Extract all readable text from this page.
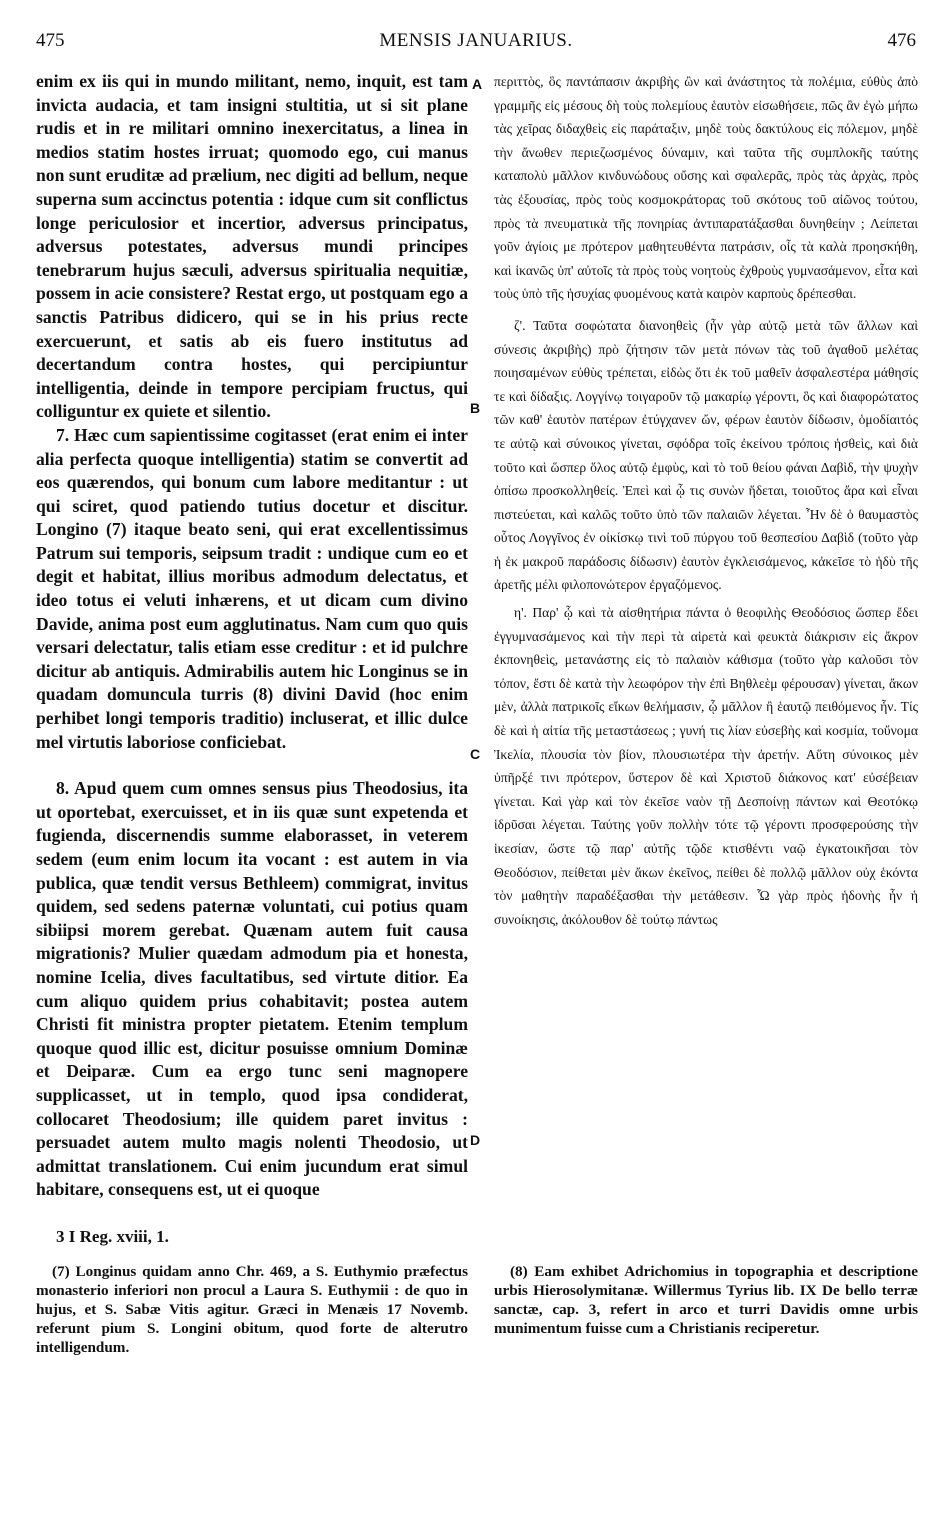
475	MENSIS JANUARIUS.	476

enim ex iis qui in mundo militant, nemo, inquit, est tam invicta audacia, et tam insigni stultitia, ut si sit plane rudis et in re militari omnino inexercitatus, a linea in medios statim hostes irruat; quomodo ego, cui manus non sunt eruditæ ad prælium, nec digiti ad bellum, neque superna sum accinctus potentia : idque cum sit conflictus longe periculosior et incertior, adversus principatus, adversus potestates, adversus mundi principes tenebrarum hujus sæculi, adversus spiritualia nequitiæ, possem in acie consistere? Restat ergo, ut postquam ego a sanctis Patribus didicero, qui se in his prius recte exercuerunt, et satis ab eis fuero institutus ad decertandum contra hostes, qui percipiuntur intelligentia, deinde in tempore percipiam fructus, qui colliguntur ex quiete et silentio.

7. Hæc cum sapientissime cogitasset (erat enim ei inter alia perfecta quoque intelligentia) statim se convertit ad eos quærendos, qui bonum cum labore meditantur : ut qui sciret, quod patiendo tutius docetur et discitur. Longino (7) itaque beato seni, qui erat excellentissimus Patrum sui temporis, seipsum tradit : undique cum eo et degit et habitat, illius moribus admodum delectatus, et ideo totus ei veluti inhærens, et ut dicam cum divino Davide, anima post eum agglutinatus. Nam cum quo quis versari delectatur, talis etiam esse creditur : et id pulchre dicitur ab antiquis. Admirabilis autem hic Longinus se in quadam domuncula turris (8) divini David (hoc enim perhibet longi temporis traditio) incluserat, et illic dulce mel virtutis laboriose conficiebat.

8. Apud quem cum omnes sensus pius Theodosius, ita ut oportebat, exercuisset, et in iis quæ sunt expetenda et fugienda, discernendis summe elaborasset, in veterem sedem (eum enim locum ita vocant : est autem in via publica, quæ tendit versus Bethleem) commigrat, invitus quidem, sed sedens paternæ voluntati, cui potius quam sibiipsi morem gerebat. Quænam autem fuit causa migrationis? Mulier quædam admodum pia et honesta, nomine Icelia, dives facultatibus, sed virtute ditior. Ea cum aliquo quidem prius cohabitavit; postea autem Christi fit ministra propter pietatem. Etenim templum quoque quod illic est, dicitur posuisse omnium Dominæ et Deiparæ. Cum ea ergo tunc seni magnopere supplicasset, ut in templo, quod ipsa condiderat, collocaret Theodosium; ille quidem paret invitus : persuadet autem multo magis nolenti Theodosio, ut admittat translationem. Cui enim jucundum erat simul habitare, consequens est, ut ei quoque

περιττὸς, ὃς παντάπασιν ἀκριβὴς ὢν καὶ ἀνάστητος τὰ πολέμια, εὐθὺς ἀπὸ γραμμῆς εἰς μέσους δὴ τοὺς πολεμίους ἑαυτὸν εἰσωθήσειε, πῶς ἂν ἐγὼ μήπω τὰς χεῖρας διδαχθεὶς εἰς παράταξιν, μηδὲ τοὺς δακτύλους εἰς πόλεμον, μηδὲ τὴν ἄνωθεν περιεζωσμένος δύναμιν, καὶ ταῦτα τῆς συμπλοκῆς ταύτης καταπολὺ μᾶλλον κινδυνώδους οὔσης καὶ σφαλερᾶς, πρὸς τὰς ἀρχὰς, πρὸς τὰς ἐξουσίας, πρὸς τοὺς κοσμοκράτορας τοῦ σκότους τοῦ αἰῶνος τούτου, πρὸς τὰ πνευματικὰ τῆς πονηρίας ἀντιπαρατάξασθαι δυνηθείην ; Λείπεται γοῦν ἁγίοις με πρότερον μαθητευθέντα πατράσιν, οἷς τὰ καλὰ προησκήθη, καὶ ἱκανῶς ὑπ' αὐτοῖς τὰ πρὸς τοὺς νοητοὺς ἐχθροὺς γυμνασάμενον, εἶτα καὶ τοὺς ὑπὸ τῆς ἡσυχίας φυομένους κατὰ καιρὸν καρποὺς δρέπεσθαι.

ζ'. Ταῦτα σοφώτατα διανοηθεὶς (ἦν γὰρ αὐτῷ μετὰ τῶν ἄλλων καὶ σύνεσις ἀκριβὴς) πρὸ ζήτησιν τῶν μετὰ πόνων τὰς τοῦ ἀγαθοῦ μελέτας ποιησαμένων εὐθὺς τρέπεται, εἰδὼς ὅτι ἐκ τοῦ μαθεῖν ἀσφαλεστέρα μάθησίς τε καὶ δίδαξις. Λογγίνῳ τοιγαροῦν τῷ μακαρίῳ γέροντι, ὃς καὶ διαφορώτατος τῶν καθ' ἑαυτὸν πατέρων ἐτύγχανεν ὤν, φέρων ἑαυτὸν δίδωσιν, ὁμοδίαιτός τε αὐτῷ καὶ σύνοικος γίνεται, σφόδρα τοῖς ἐκείνου τρόποις ἡσθεὶς, καὶ διὰ τοῦτο καὶ ὥσπερ ὅλος αὐτῷ ἐμφὺς, καὶ τὸ τοῦ θείου φάναι Δαβὶδ, τὴν ψυχὴν ὀπίσω προσκολληθείς. Ἐπεὶ καὶ ᾧ τις συνὼν ἥδεται, τοιοῦτος ἄρα καὶ εἶναι πιστεύεται, καὶ καλῶς τοῦτο ὑπὸ τῶν παλαιῶν λέγεται. Ἦν δὲ ὁ θαυμαστὸς οὗτος Λογγῖνος ἐν οἰκίσκῳ τινὶ τοῦ πύργου τοῦ θεσπεσίου Δαβὶδ (τοῦτο γὰρ ἡ ἐκ μακροῦ παράδοσις δίδωσιν) ἑαυτὸν ἐγκλεισάμενος, κἀκεῖσε τὸ ἡδὺ τῆς ἀρετῆς μέλι φιλοπονώτερον ἐργαζόμενος.

η'. Παρ' ᾧ καὶ τὰ αἰσθητήρια πάντα ὁ θεοφιλὴς Θεοδόσιος ὥσπερ ἔδει ἐγγυμνασάμενος καὶ τὴν περὶ τὰ αἱρετὰ καὶ φευκτὰ διάκρισιν εἰς ἄκρον ἐκπονηθεὶς, μετανάστης εἰς τὸ παλαιὸν κάθισμα (τοῦτο γὰρ καλοῦσι τὸν τόπον, ἔστι δὲ κατὰ τὴν λεωφόρον τὴν ἐπὶ Βηθλεὲμ φέρουσαν) γίνεται, ἄκων μὲν, ἀλλὰ πατρικοῖς εἴκων θελήμασιν, ᾧ μᾶλλον ἢ ἑαυτῷ πειθόμενος ἦν. Τίς δὲ καὶ ἡ αἰτία τῆς μεταστάσεως ; γυνή τις λίαν εὐσεβὴς καὶ κοσμία, τοὔνομα Ἰκελία, πλουσία τὸν βίον, πλουσιωτέρα τὴν ἀρετήν. Αὕτη σύνοικος μὲν ὑπῆρξέ τινι πρότερον, ὕστερον δὲ καὶ Χριστοῦ διάκονος κατ' εὐσέβειαν γίνεται. Καὶ γὰρ καὶ τὸν ἐκεῖσε ναὸν τῇ Δεσποίνῃ πάντων καὶ Θεοτόκῳ ἱδρῦσαι λέγεται. Ταύτης γοῦν πολλὴν τότε τῷ γέροντι προσφερούσης τὴν ἱκεσίαν, ὥστε τῷ παρ' αὐτῆς τῷδε κτισθέντι ναῷ ἐγκατοικῆσαι τὸν Θεοδόσιον, πείθεται μὲν ἄκων ἐκεῖνος, πείθει δὲ πολλῷ μᾶλλον οὐχ ἑκόντα τὸν μαθητὴν παραδέξασθαι τὴν μετάθεσιν. Ὧ γὰρ πρὸς ἡδονὴς ἦν ἡ συνοίκησις, ἀκόλουθον δὲ τούτῳ πάντως

A
B
C
D
3 I Reg. xviii, 1.

(7) Longinus quidam anno Chr. 469, a S. Euthymio præfectus monasterio inferiori non procul a Laura S. Euthymii : de quo in hujus, et S. Sabæ Vitis agitur. Græci in Menæis 17 Novemb. referunt pium S. Longini obitum, quod forte de alterutro intelligendum.

(8) Eam exhibet Adrichomius in topographia et descriptione urbis Hierosolymitanæ. Willermus Tyrius lib. IX De bello terræ sanctæ, cap. 3, refert in arco et turri Davidis omne urbis munimentum fuisse cum a Christianis reciperetur.
